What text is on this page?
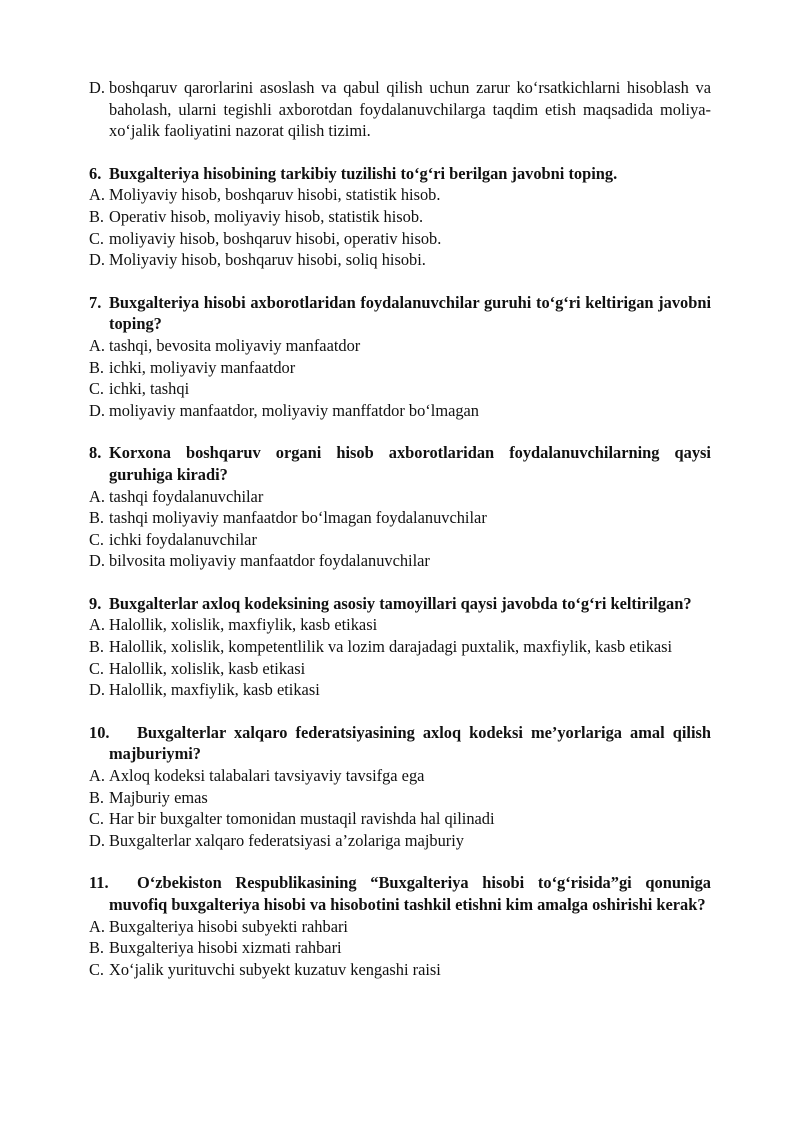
D. boshqaruv qarorlarini asoslash va qabul qilish uchun zarur koʻrsatkichlarni hisoblash va baholash, ularni tegishli axborotdan foydalanuvchilarga taqdim etish maqsadida moliya-xoʻjalik faoliyatini nazorat qilish tizimi.
6. Buxgalteriya hisobining tarkibiy tuzilishi toʻgʻri berilgan javobni toping.
A. Moliyaviy hisob, boshqaruv hisobi, statistik hisob.
B. Operativ hisob, moliyaviy hisob, statistik hisob.
C. moliyaviy hisob, boshqaruv hisobi, operativ hisob.
D. Moliyaviy hisob, boshqaruv hisobi, soliq hisobi.
7. Buxgalteriya hisobi axborotlaridan foydalanuvchilar guruhi toʻgʻri keltirigan javobni toping?
A. tashqi, bevosita moliyaviy manfaatdor
B. ichki, moliyaviy manfaatdor
C. ichki, tashqi
D. moliyaviy manfaatdor, moliyaviy manffatdor boʻlmagan
8. Korxona boshqaruv organi hisob axborotlaridan foydalanuvchilarning qaysi guruhiga kiradi?
A. tashqi foydalanuvchilar
B. tashqi moliyaviy manfaatdor boʻlmagan foydalanuvchilar
C. ichki foydalanuvchilar
D. bilvosita moliyaviy manfaatdor foydalanuvchilar
9. Buxgalterlar axloq kodeksining asosiy tamoyillari qaysi javobda toʻgʻri keltirilgan?
A. Halollik, xolislik, maxfiylik, kasb etikasi
B. Halollik, xolislik, kompetentlilik va lozim darajadagi puxtalik, maxfiylik, kasb etikasi
C. Halollik, xolislik, kasb etikasi
D. Halollik, maxfiylik, kasb etikasi
10. Buxgalterlar xalqaro federatsiyasining axloq kodeksi me’yorlariga amal qilish majburiymi?
A. Axloq kodeksi talabalari tavsiyaviy tavsifga ega
B. Majburiy emas
C. Har bir buxgalter tomonidan mustaqil ravishda hal qilinadi
D. Buxgalterlar xalqaro federatsiyasi a’zolariga majburiy
11. Oʻzbekiston Respublikasining “Buxgalteriya hisobi toʻgʻrisida”gi qonuniga muvofiq buxgalteriya hisobi va hisobotini tashkil etishni kim amalga oshirishi kerak?
A. Buxgalteriya hisobi subyekti rahbari
B. Buxgalteriya hisobi xizmati rahbari
C. Xoʻjalik yurituvchi subyekt kuzatuv kengashi raisi
